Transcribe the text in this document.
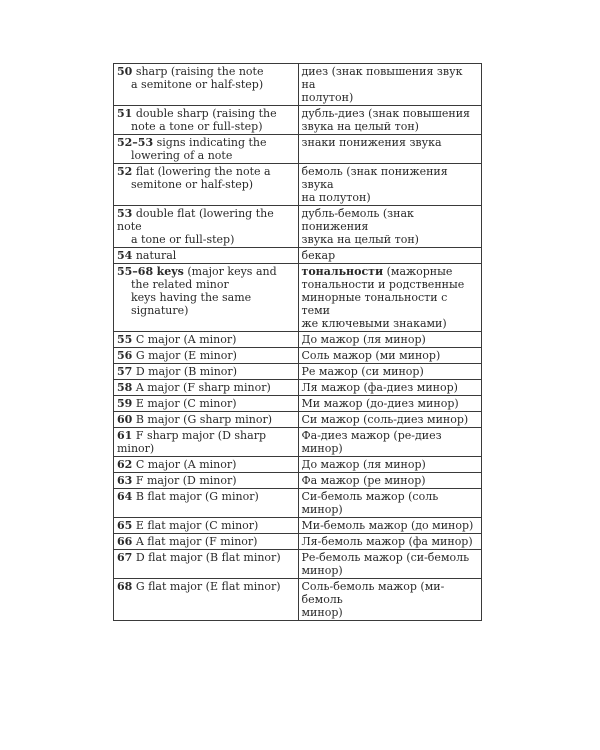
50 sharp (raising the note
a semitone or half-step)	диез (знак повышения звук на
полутон)

51 double sharp (raising the
note a tone or full-step)	дубль-диез (знак повышения
звука на целый тон)

52–53 signs indicating the
lowering of a note	знаки понижения звука

52 flat (lowering the note a
semitone or half-step)	бемоль (знак понижения звука
на полутон)

53 double flat (lowering the note
a tone or full-step)	дубль-бемоль (знак понижения
звука на целый тон)

54 natural	бекар

55–68 keys (major keys and
the related minor
keys having the same
signature)	тональности (мажорные
тональности и родственные
минорные тональности с теми
же ключевыми знаками)

55 C major (A minor)	До мажор (ля минор)

56 G major (E minor)	Соль мажор (ми минор)

57 D major (B minor)	Ре мажор (си минор)

58 A major (F sharp minor)	Ля мажор (фа-диез минор)

59 E major (C minor)	Ми мажор (до-диез минор)

60 B major (G sharp minor)	Си мажор (соль-диез минор)

61 F sharp major (D sharp
minor)	Фа-диез мажор (ре-диез минор)

62 C major (A minor)	До мажор (ля минор)

63 F major (D minor)	Фа мажор (ре минор)

64 B flat major (G minor)	Си-бемоль мажор (соль минор)

65 E flat major (C minor)	Ми-бемоль мажор (до минор)

66 A flat major (F minor)	Ля-бемоль мажор (фа минор)

67 D flat major (B flat minor)	Ре-бемоль мажор (си-бемоль
минор)

68 G flat major (E flat minor)	Соль-бемоль мажор (ми-бемоль
минор)
